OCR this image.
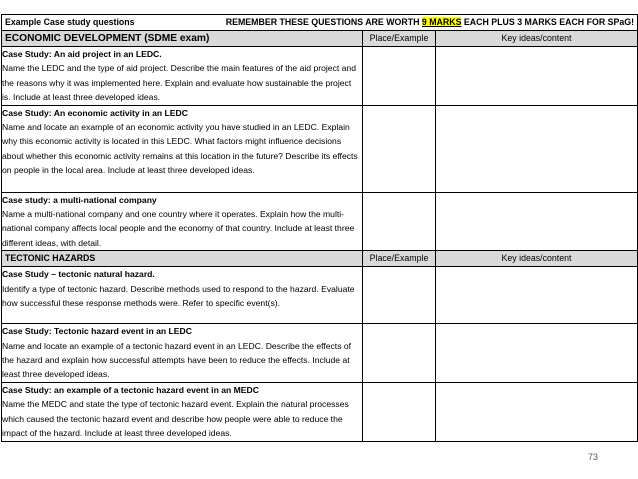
Example Case study questions REMEMBER THESE QUESTIONS ARE WORTH 9 MARKS EACH PLUS 3 MARKS EACH FOR SPaG!		

ECONOMIC DEVELOPMENT (SDME exam)	Place/Example	Key ideas/content

Case Study: An aid project in an LEDC.
Name the LEDC and the type of aid project. Describe the main features of the aid project and the reasons why it was implemented here. Explain and evaluate how sustainable the project is. Include at least three developed ideas.		

Case Study: An economic activity in an LEDC
Name and locate an example of an economic activity you have studied in an LEDC. Explain why this economic activity is located in this LEDC. What factors might influence decisions about whether this economic activity remains at this location in the future? Describe its effects on people in the local area. Include at least three developed ideas.		

Case study: a multi-national company
Name a multi-national company and one country where it operates. Explain how the multi-national company affects local people and the economy of that country. Include at least three different ideas, with detail.		

TECTONIC HAZARDS	Place/Example	Key ideas/content

Case Study – tectonic natural hazard.
Identify a type of tectonic hazard. Describe methods used to respond to the hazard. Evaluate how successful these response methods were. Refer to specific event(s).		

Case Study: Tectonic hazard event in an LEDC
Name and locate an example of a tectonic hazard event in an LEDC. Describe the effects of the hazard and explain how successful attempts have been to reduce the effects. Include at least three developed ideas.		

Case Study: an example of a tectonic hazard event in an MEDC
Name the MEDC and state the type of tectonic hazard event. Explain the natural processes which caused the tectonic hazard event and describe how people were able to reduce the impact of the hazard. Include at least three developed ideas.		

73
